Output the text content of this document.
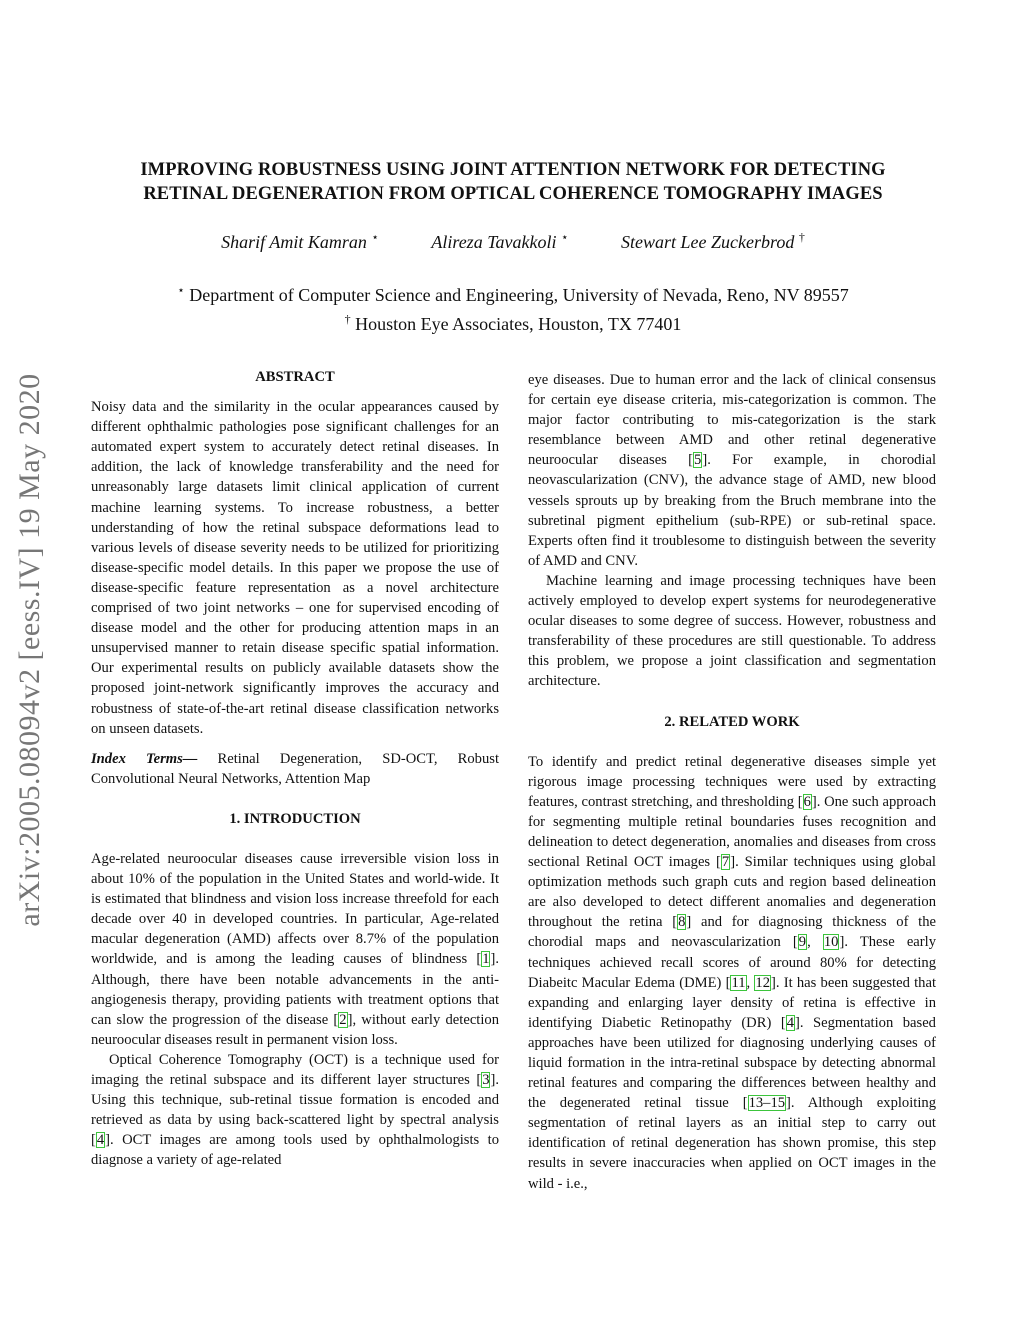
arXiv:2005.08094v2 [eess.IV] 19 May 2020
IMPROVING ROBUSTNESS USING JOINT ATTENTION NETWORK FOR DETECTING
RETINAL DEGENERATION FROM OPTICAL COHERENCE TOMOGRAPHY IMAGES
Sharif Amit Kamran ⋆	Alireza Tavakkoli ⋆	Stewart Lee Zuckerbrod †
⋆ Department of Computer Science and Engineering, University of Nevada, Reno, NV 89557
† Houston Eye Associates, Houston, TX 77401

ABSTRACT

Noisy data and the similarity in the ocular appearances caused by different ophthalmic pathologies pose significant challenges for an automated expert system to accurately detect retinal diseases. In addition, the lack of knowledge transferability and the need for unreasonably large datasets limit clinical application of current machine learning systems. To increase robustness, a better understanding of how the retinal subspace deformations lead to various levels of disease severity needs to be utilized for prioritizing disease-specific model details. In this paper we propose the use of disease-specific feature representation as a novel architecture comprised of two joint networks – one for supervised encoding of disease model and the other for producing attention maps in an unsupervised manner to retain disease specific spatial information. Our experimental results on publicly available datasets show the proposed joint-network significantly improves the accuracy and robustness of state-of-the-art retinal disease classification networks on unseen datasets.

Index Terms— Retinal Degeneration, SD-OCT, Robust Convolutional Neural Networks, Attention Map

1. INTRODUCTION

Age-related neuroocular diseases cause irreversible vision loss in about 10% of the population in the United States and world-wide. It is estimated that blindness and vision loss increase threefold for each decade over 40 in developed countries. In particular, Age-related macular degeneration (AMD) affects over 8.7% of the population worldwide, and is among the leading causes of blindness [1]. Although, there have been notable advancements in the anti-angiogenesis therapy, providing patients with treatment options that can slow the progression of the disease [2], without early detection neuroocular diseases result in permanent vision loss.

Optical Coherence Tomography (OCT) is a technique used for imaging the retinal subspace and its different layer structures [3]. Using this technique, sub-retinal tissue formation is encoded and retrieved as data by using back-scattered light by spectral analysis [4]. OCT images are among tools used by ophthalmologists to diagnose a variety of age-related

eye diseases. Due to human error and the lack of clinical consensus for certain eye disease criteria, mis-categorization is common. The major factor contributing to mis-categorization is the stark resemblance between AMD and other retinal degenerative neuroocular diseases [5]. For example, in chorodial neovascularization (CNV), the advance stage of AMD, new blood vessels sprouts up by breaking from the Bruch membrane into the subretinal pigment epithelium (sub-RPE) or sub-retinal space. Experts often find it troublesome to distinguish between the severity of AMD and CNV.

Machine learning and image processing techniques have been actively employed to develop expert systems for neurodegenerative ocular diseases to some degree of success. However, robustness and transferability of these procedures are still questionable. To address this problem, we propose a joint classification and segmentation architecture.

2. RELATED WORK

To identify and predict retinal degenerative diseases simple yet rigorous image processing techniques were used by extracting features, contrast stretching, and thresholding [6]. One such approach for segmenting multiple retinal boundaries fuses recognition and delineation to detect degeneration, anomalies and diseases from cross sectional Retinal OCT images [7]. Similar techniques using global optimization methods such graph cuts and region based delineation are also developed to detect different anomalies and degeneration throughout the retina [8] and for diagnosing thickness of the chorodial maps and neovascularization [9, 10]. These early techniques achieved recall scores of around 80% for detecting Diabeitc Macular Edema (DME) [11, 12]. It has been suggested that expanding and enlarging layer density of retina is effective in identifying Diabetic Retinopathy (DR) [4]. Segmentation based approaches have been utilized for diagnosing underlying causes of liquid formation in the intra-retinal subspace by detecting abnormal retinal features and comparing the differences between healthy and the degenerated retinal tissue [13–15]. Although exploiting segmentation of retinal layers as an initial step to carry out identification of retinal degeneration has shown promise, this step results in severe inaccuracies when applied on OCT images in the wild - i.e.,
